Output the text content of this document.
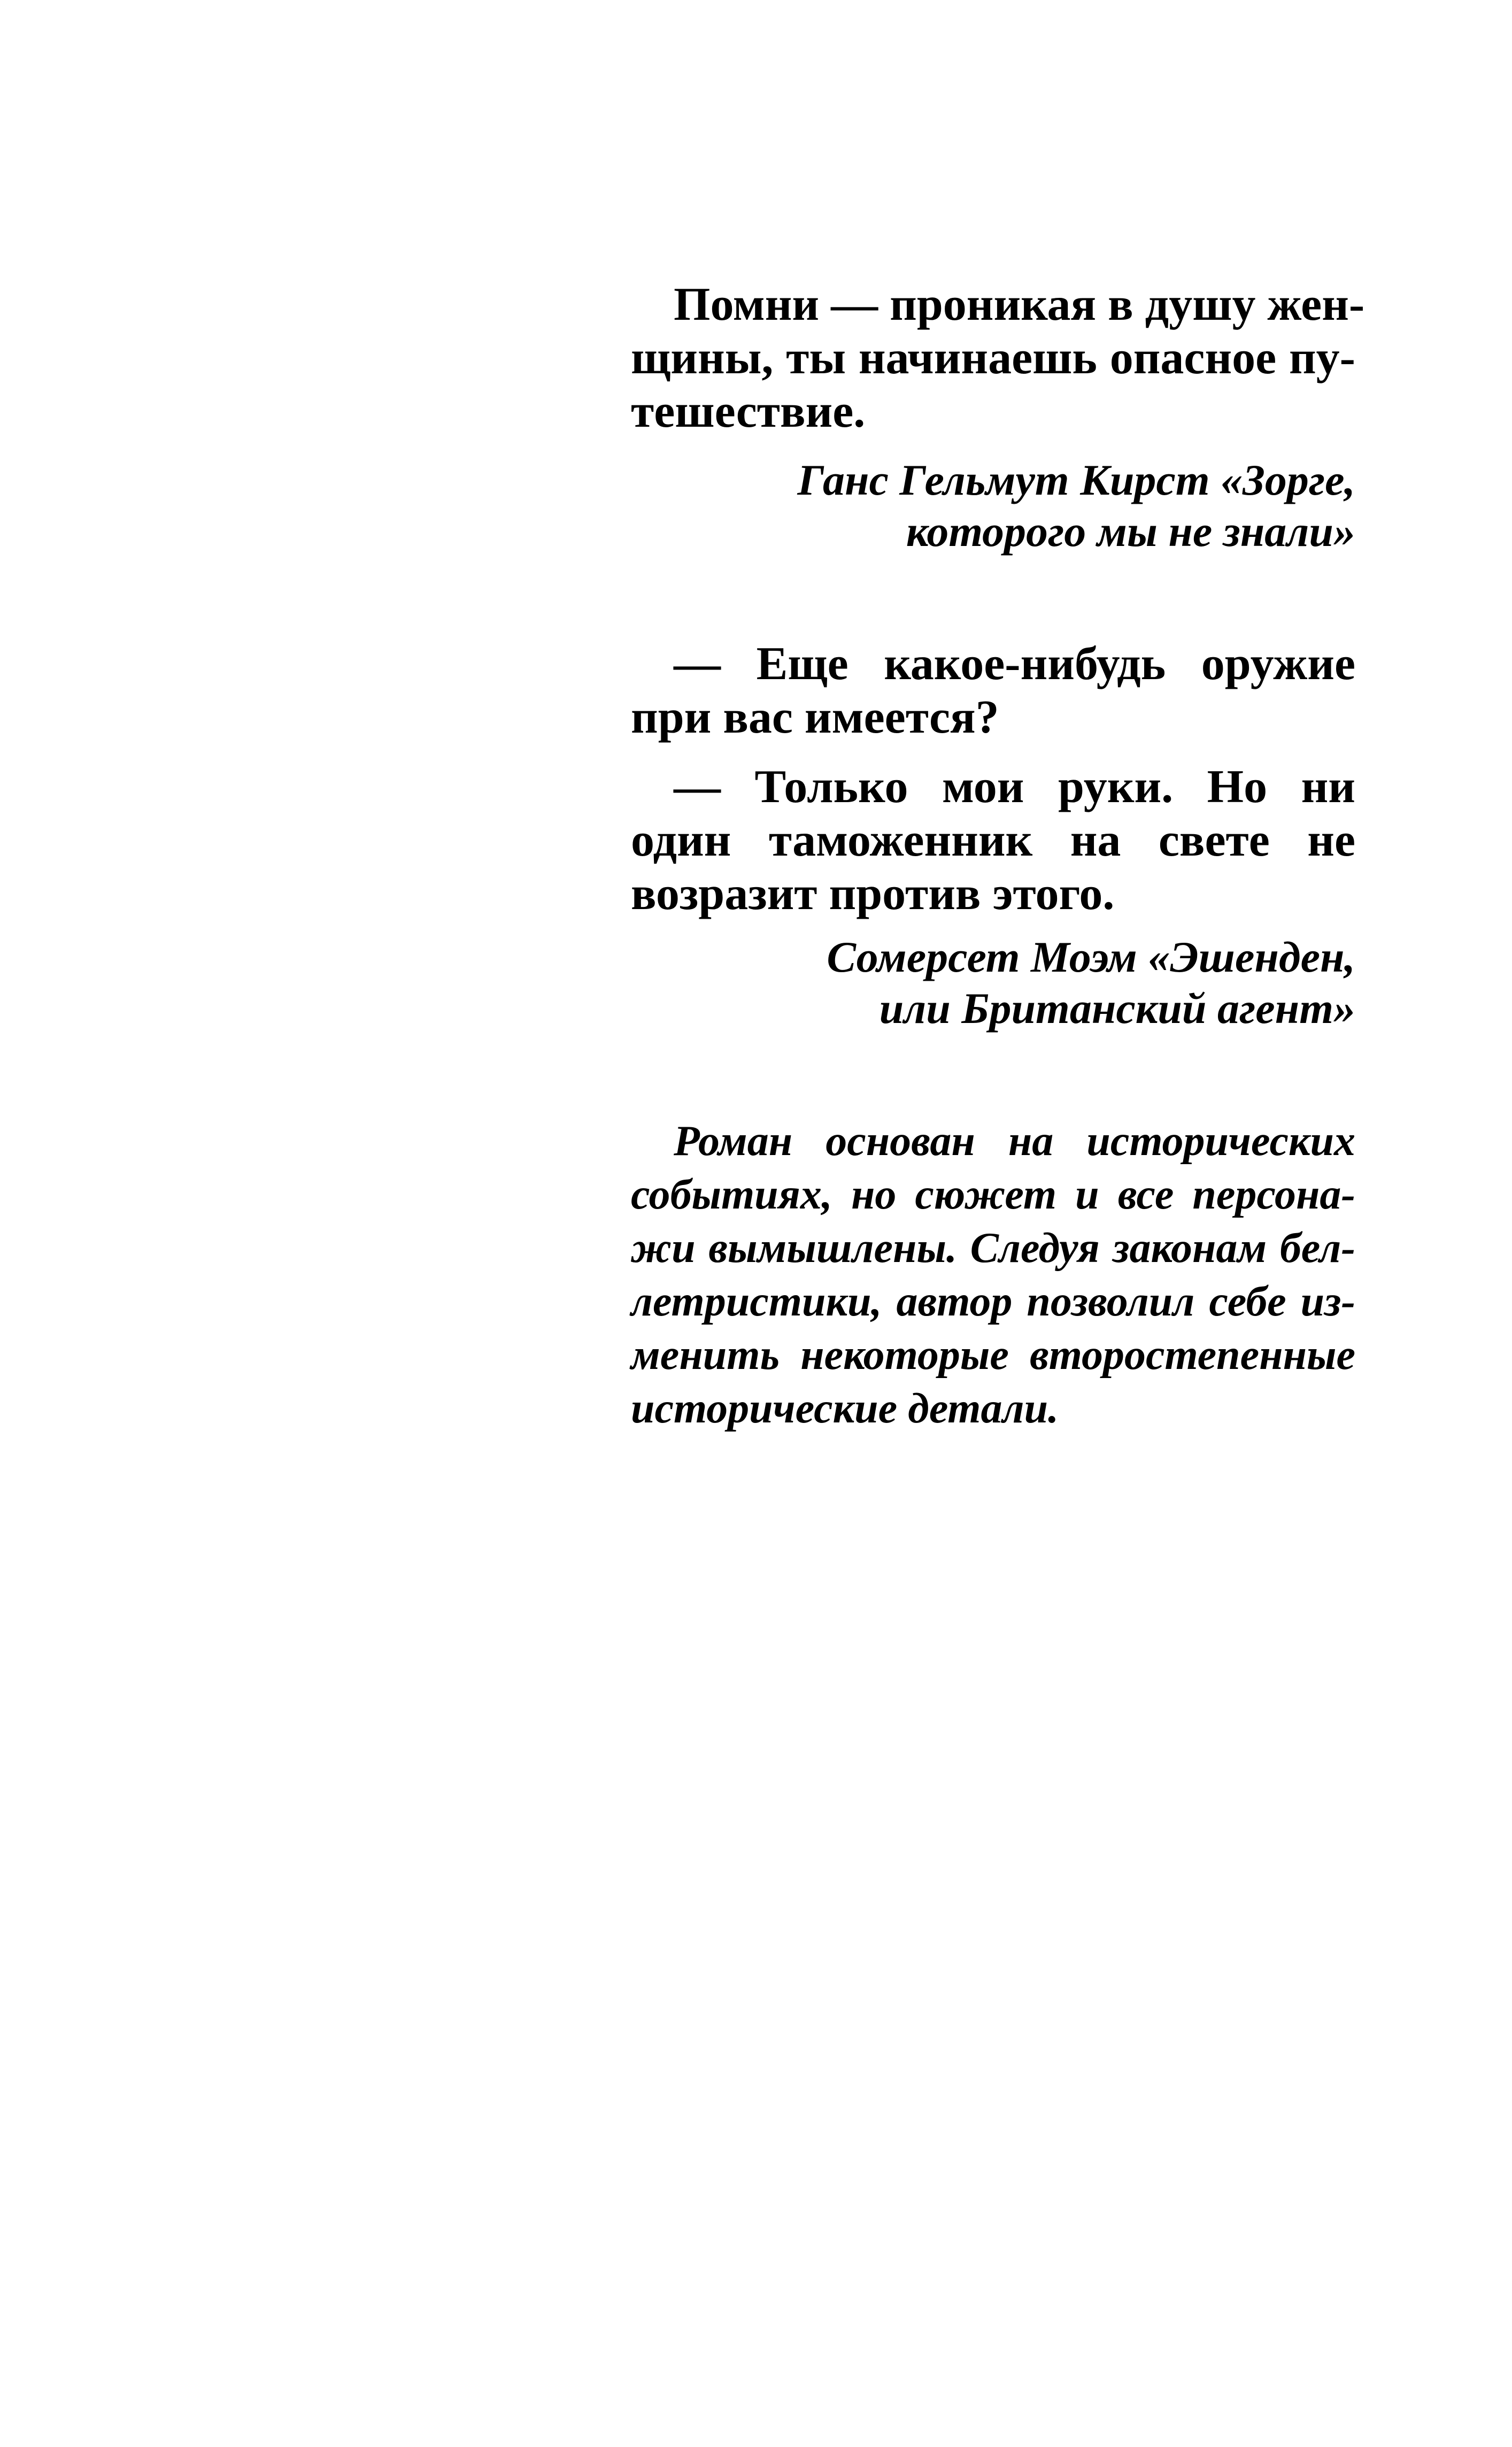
Помни — проникая в душу жен-
щины, ты начинаешь опасное пу-
тешествие.
Ганс Гельмут Кирст «Зорге,
которого мы не знали»
— Еще какое-нибудь оружие
при вас имеется?
— Только мои руки. Но ни
один таможенник на свете не
возразит против этого.
Сомерсет Моэм «Эшенден,
или Британский агент»
Роман основан на исторических
событиях, но сюжет и все персона-
жи вымышлены. Следуя законам бел-
летристики, автор позволил себе из-
менить некоторые второстепенные
исторические детали.
